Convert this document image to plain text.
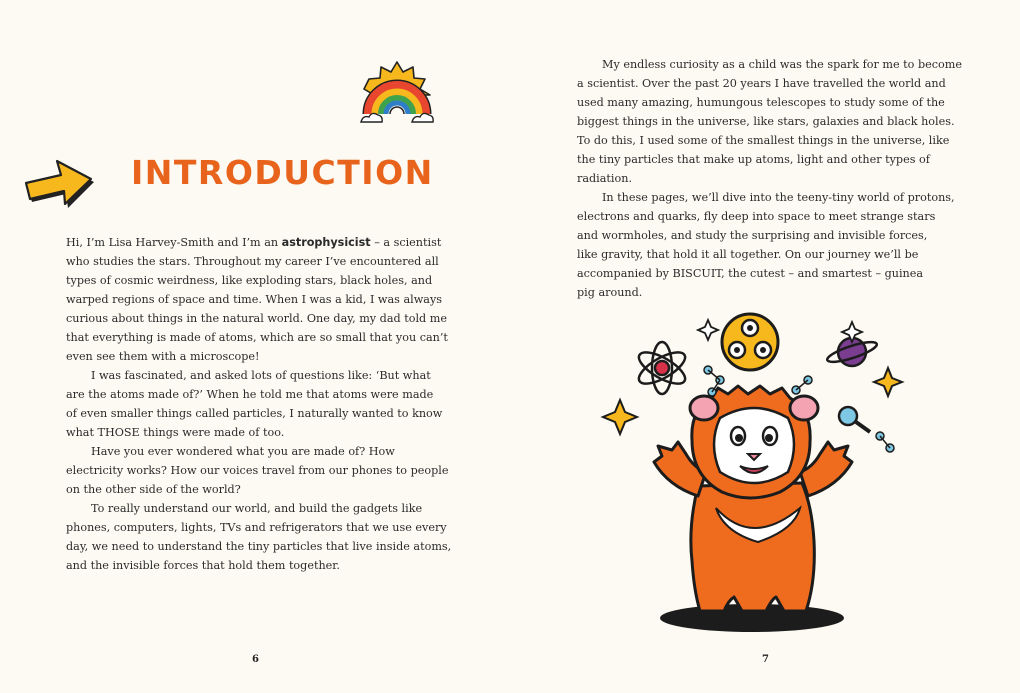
INTRODUCTION

Hi, I’m Lisa Harvey-Smith and I’m an astrophysicist – a scientist
who studies the stars. Throughout my career I’ve encountered all
types of cosmic weirdness, like exploding stars, black holes, and
warped regions of space and time. When I was a kid, I was always
curious about things in the natural world. One day, my dad told me
that everything is made of atoms, which are so small that you can’t
even see them with a microscope!

I was fascinated, and asked lots of questions like: ‘But what
are the atoms made of?’ When he told me that atoms were made
of even smaller things called particles, I naturally wanted to know
what THOSE things were made of too.

Have you ever wondered what you are made of? How
electricity works? How our voices travel from our phones to people
on the other side of the world?

To really understand our world, and build the gadgets like
phones, computers, lights, TVs and refrigerators that we use every
day, we need to understand the tiny particles that live inside atoms,
and the invisible forces that hold them together.

6	7

My endless curiosity as a child was the spark for me to become
a scientist. Over the past 20 years I have travelled the world and
used many amazing, humungous telescopes to study some of the
biggest things in the universe, like stars, galaxies and black holes.
To do this, I used some of the smallest things in the universe, like
the tiny particles that make up atoms, light and other types of
radiation.

In these pages, we’ll dive into the teeny-tiny world of protons,
electrons and quarks, fly deep into space to meet strange stars
and wormholes, and study the surprising and invisible forces,
like gravity, that hold it all together. On our journey we’ll be
accompanied by BISCUIT, the cutest – and smartest – guinea
pig around.
